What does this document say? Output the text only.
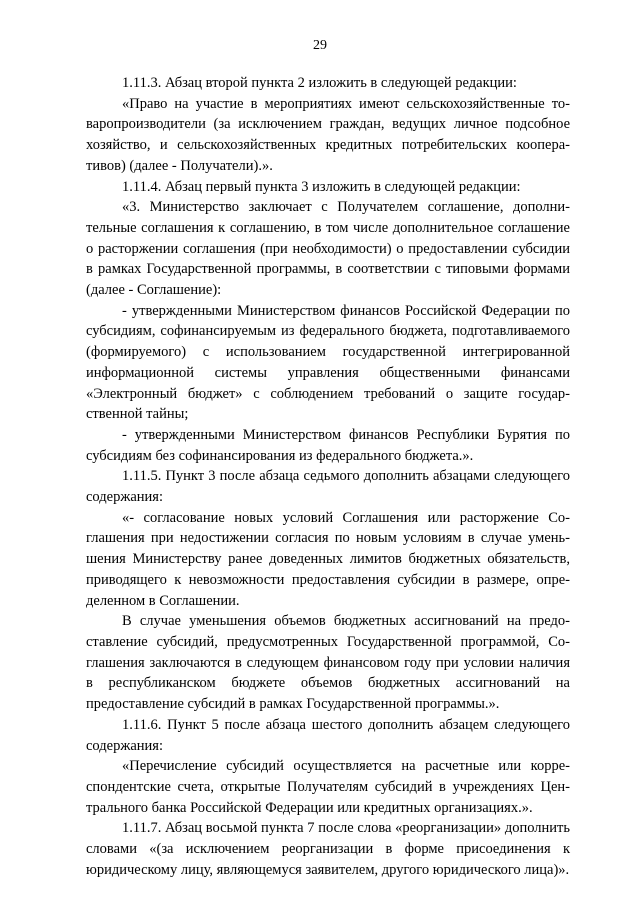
29

1.11.3. Абзац второй пункта 2 изложить в следующей редакции:

«Право на участие в мероприятиях имеют сельскохозяйственные товаропроизводители (за исключением граждан, ведущих личное подсобное хозяйство, и сельскохозяйственных кредитных потребительских кооперативов) (далее - Получатели).».

1.11.4. Абзац первый пункта 3 изложить в следующей редакции:

«3. Министерство заключает с Получателем соглашение, дополнительные соглашения к соглашению, в том числе дополнительное соглашение о расторжении соглашения (при необходимости) о предоставлении субсидии в рамках Государственной программы, в соответствии с типовыми формами (далее - Соглашение):

- утвержденными Министерством финансов Российской Федерации по субсидиям, софинансируемым из федерального бюджета, подготавливаемого (формируемого) с использованием государственной интегрированной информационной системы управления общественными финансами «Электронный бюджет» с соблюдением требований о защите государственной тайны;

- утвержденными Министерством финансов Республики Бурятия по субсидиям без софинансирования из федерального бюджета.».

1.11.5. Пункт 3 после абзаца седьмого дополнить абзацами следующего содержания:

«- согласование новых условий Соглашения или расторжение Соглашения при недостижении согласия по новым условиям в случае уменьшения Министерству ранее доведенных лимитов бюджетных обязательств, приводящего к невозможности предоставления субсидии в размере, определенном в Соглашении.

В случае уменьшения объемов бюджетных ассигнований на предоставление субсидий, предусмотренных Государственной программой, Соглашения заключаются в следующем финансовом году при условии наличия в республиканском бюджете объемов бюджетных ассигнований на предоставление субсидий в рамках Государственной программы.».

1.11.6. Пункт 5 после абзаца шестого дополнить абзацем следующего содержания:

«Перечисление субсидий осуществляется на расчетные или корреспондентские счета, открытые Получателям субсидий в учреждениях Центрального банка Российской Федерации или кредитных организациях.».

1.11.7. Абзац восьмой пункта 7 после слова «реорганизации» дополнить словами «(за исключением реорганизации в форме присоединения к юридическому лицу, являющемуся заявителем, другого юридического лица)».
